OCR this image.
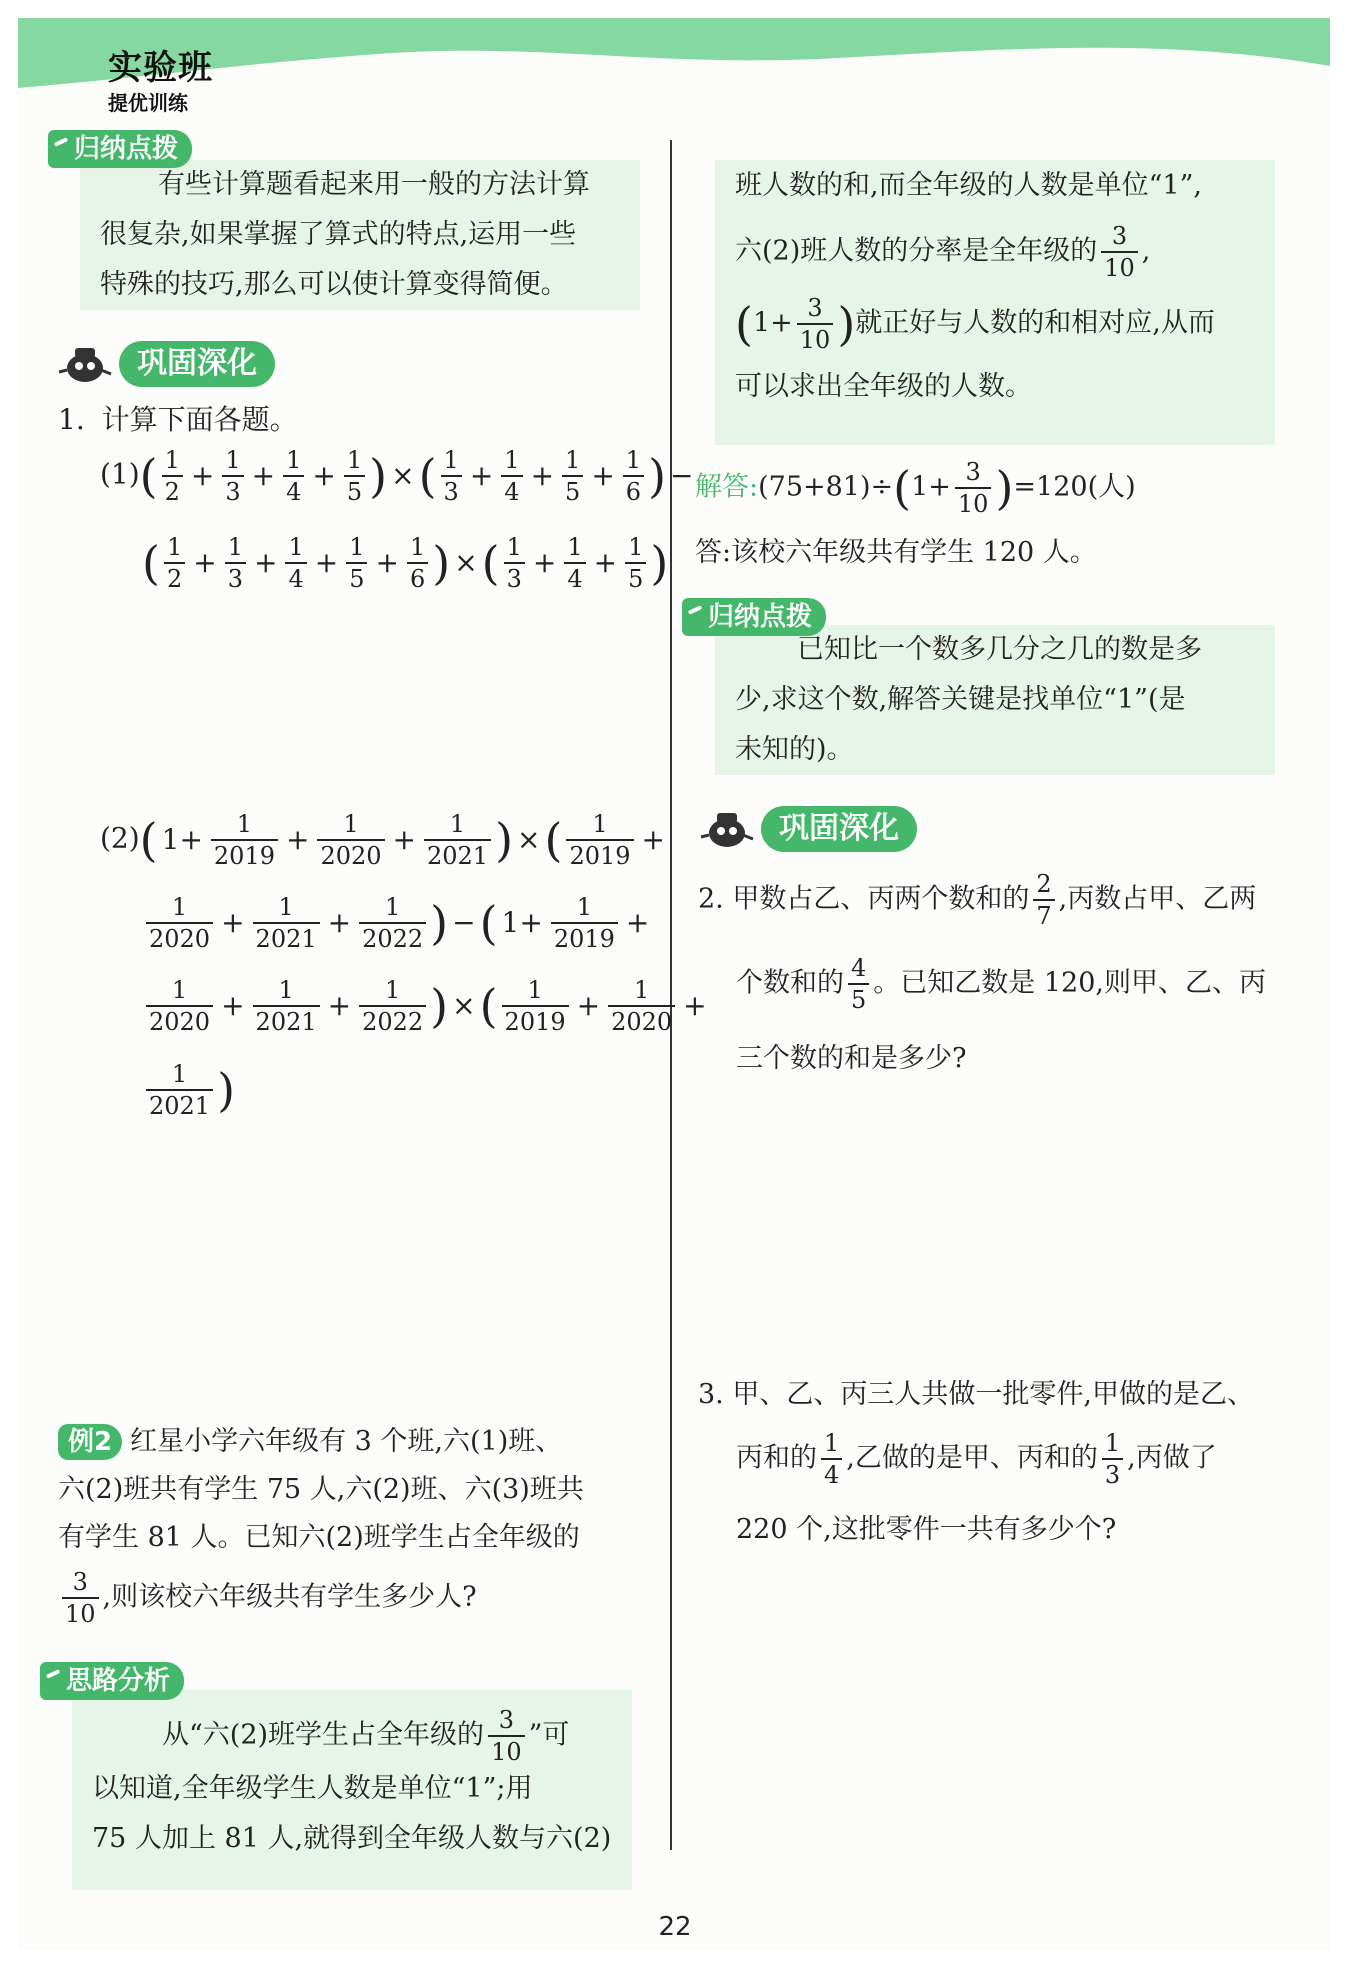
实验班
提优训练
归纳点拨
有些计算题看起来用一般的方法计算
很复杂,如果掌握了算式的特点,运用一些
特殊的技巧,那么可以使计算变得简便。
巩固深化
1. 计算下面各题。
$(1)( \frac{1}{2} + \frac{1}{3} + \frac{1}{4} + \frac{1}{5}$ ) ×( $\frac{1}{3} + \frac{1}{4} + \frac{1}{5} + \frac{1}{6}$ ) −
( $\frac{1}{2} + \frac{1}{3} + \frac{1}{4} + \frac{1}{5} + \frac{1}{6}$ ) ×( $\frac{1}{3} + \frac{1}{4} + \frac{1}{5}$ )
(2)( $1+ \frac{1}{2019} + \frac{1}{2020} + \frac{1}{2021}$ ) ×( $\frac{1}{2019}$ +
$\frac{1}{2020} + \frac{1}{2021} + \frac{1}{2022}$ ) −( $1+ \frac{1}{2019}$ +
$\frac{1}{2020} + \frac{1}{2021} + \frac{1}{2022}$ ) ×( $\frac{1}{2019} + \frac{1}{2020}$ +
$\frac{1}{2021}$ )
例2 红星小学六年级有 3 个班,六(1)班、
六(2)班共有学生 75 人,六(2)班、六(3)班共
有学生 81 人。已知六(2)班学生占全年级的
$\frac{3}{10}$ ,则该校六年级共有学生多少人?
思路分析
从“六(2)班学生占全年级的 $\frac{3}{10}$ ”可
以知道,全年级学生人数是单位“1”;用
75 人加上 81 人,就得到全年级人数与六(2)
班人数的和,而全年级的人数是单位“1”,
六(2)班人数的分率是全年级的 $\frac{3}{10}$ ,
($1+ \frac{3}{10}$ )就正好与人数的和相对应,从而
可以求出全年级的人数。
解答:(75+81)÷(1+ $\frac{3}{10} )=120$(人)
答:该校六年级共有学生 120 人。
归纳点拨
已知比一个数多几分之几的数是多
少,求这个数,解答关键是找单位“1”(是
未知的)。
巩固深化
2. 甲数占乙、丙两个数和的 $\frac{2}{7}$ ,丙数占甲、乙两
个数和的 $\frac{4}{5}$ 。已知乙数是 120,则甲、乙、丙
三个数的和是多少?
3. 甲、乙、丙三人共做一批零件,甲做的是乙、
丙和的 $\frac{1}{4}$ ,乙做的是甲、丙和的 $\frac{1}{3}$ ,丙做了
220 个,这批零件一共有多少个?
22
